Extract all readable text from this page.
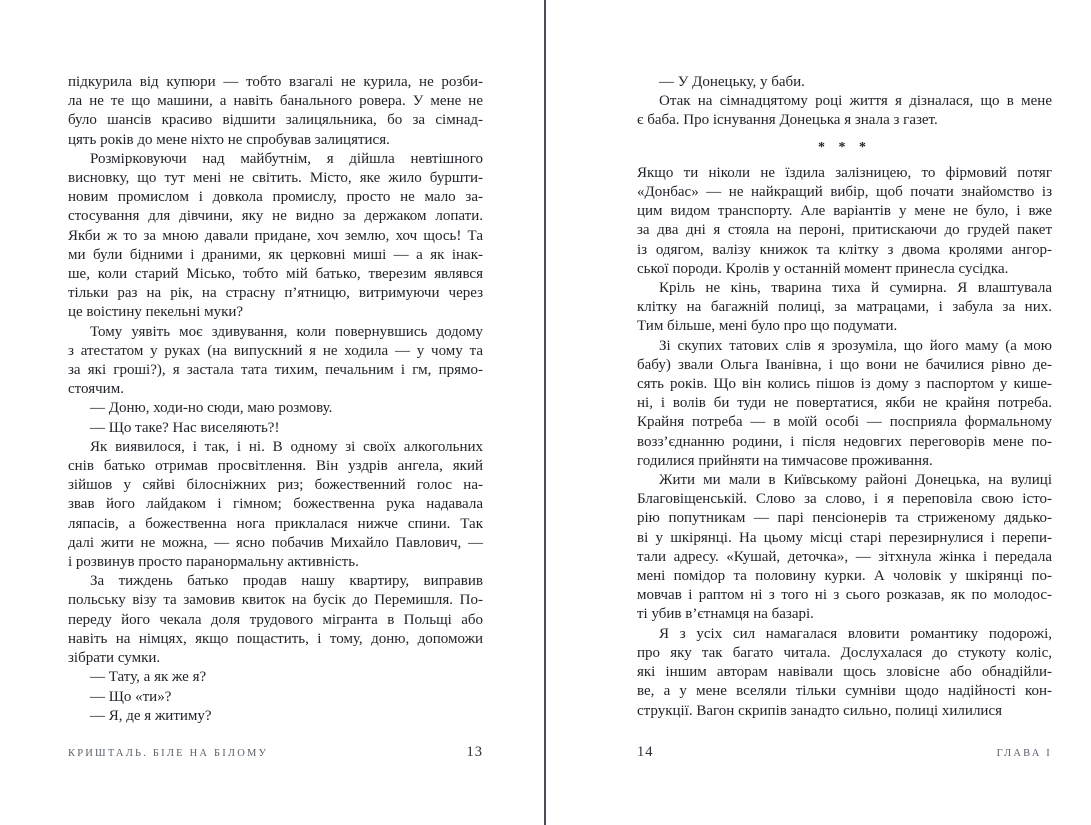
підкурила від купюри — тобто взагалі не курила, не розби-
ла не те що машини, а навіть банального ровера. У мене не
було шансів красиво відшити залицяльника, бо за сімнад-
цять років до мене ніхто не спробував залицятися.
Розмірковуючи над майбутнім, я дійшла невтішного
висновку, що тут мені не світить. Місто, яке жило буршти-
новим промислом і довкола промислу, просто не мало за-
стосування для дівчини, яку не видно за держаком лопати.
Якби ж то за мною давали придане, хоч землю, хоч щось! Та
ми були бідними і драними, як церковні миші — а як інак-
ше, коли старий Місько, тобто мій батько, тверезим являвся
тільки раз на рік, на страсну п’ятницю, витримуючи через
це воістину пекельні муки?
Тому уявіть моє здивування, коли повернувшись додому
з атестатом у руках (на випускний я не ходила — у чому та
за які гроші?), я застала тата тихим, печальним і гм, прямо-
стоячим.
— Доню, ходи-но сюди, маю розмову.
— Що таке? Нас виселяють?!
Як виявилося, і так, і ні. В одному зі своїх алкогольних
снів батько отримав просвітлення. Він уздрів ангела, який
зійшов у сяйві білосніжних риз; божественний голос на-
звав його лайдаком і гімном; божественна рука надавала
ляпасів, а божественна нога приклалася нижче спини. Так
далі жити не можна, — ясно побачив Михайло Павлович, —
і розвинув просто паранормальну активність.
За тиждень батько продав нашу квартиру, виправив
польську візу та замовив квиток на бусік до Перемишля. По-
переду його чекала доля трудового мігранта в Польщі або
навіть на німцях, якщо пощастить, і тому, доню, допоможи
зібрати сумки.
— Тату, а як же я?
— Що «ти»?
— Я, де я житиму?
— У Донецьку, у баби.
Отак на сімнадцятому році життя я дізналася, що в мене
є баба. Про існування Донецька я знала з газет.
* * *
Якщо ти ніколи не їздила залізницею, то фірмовий потяг
«Донбас» — не найкращий вибір, щоб почати знайомство із
цим видом транспорту. Але варіантів у мене не було, і вже
за два дні я стояла на пероні, притискаючи до грудей пакет
із одягом, валізу книжок та клітку з двома кролями ангор-
ської породи. Кролів у останній момент принесла сусідка.
Кріль не кінь, тварина тиха й сумирна. Я влаштувала
клітку на багажній полиці, за матрацами, і забула за них.
Тим більше, мені було про що подумати.
Зі скупих татових слів я зрозуміла, що його маму (а мою
бабу) звали Ольга Іванівна, і що вони не бачилися рівно де-
сять років. Що він колись пішов із дому з паспортом у кише-
ні, і волів би туди не повертатися, якби не крайня потреба.
Крайня потреба — в моїй особі — посприяла формальному
возз’єднанню родини, і після недовгих переговорів мене по-
годилися прийняти на тимчасове проживання.
Жити ми мали в Київському районі Донецька, на вулиці
Благовіщенській. Слово за слово, і я переповіла свою істо-
рію попутникам — парі пенсіонерів та стриженому дядько-
ві у шкірянці. На цьому місці старі перезирнулися і перепи-
тали адресу. «Кушай, деточка», — зітхнула жінка і передала
мені помідор та половину курки. А чоловік у шкірянці по-
мовчав і раптом ні з того ні з сього розказав, як по молодос-
ті убив в’єтнамця на базарі.
Я з усіх сил намагалася вловити романтику подорожі,
про яку так багато читала. Дослухалася до стукоту коліс,
які іншим авторам навівали щось зловісне або обнадійли-
ве, а у мене вселяли тільки сумніви щодо надійності кон-
струкції. Вагон скрипів занадто сильно, полиці хилилися
КРИШТАЛЬ. БІЛЕ НА БІЛОМУ	13	14	ГЛАВА I
